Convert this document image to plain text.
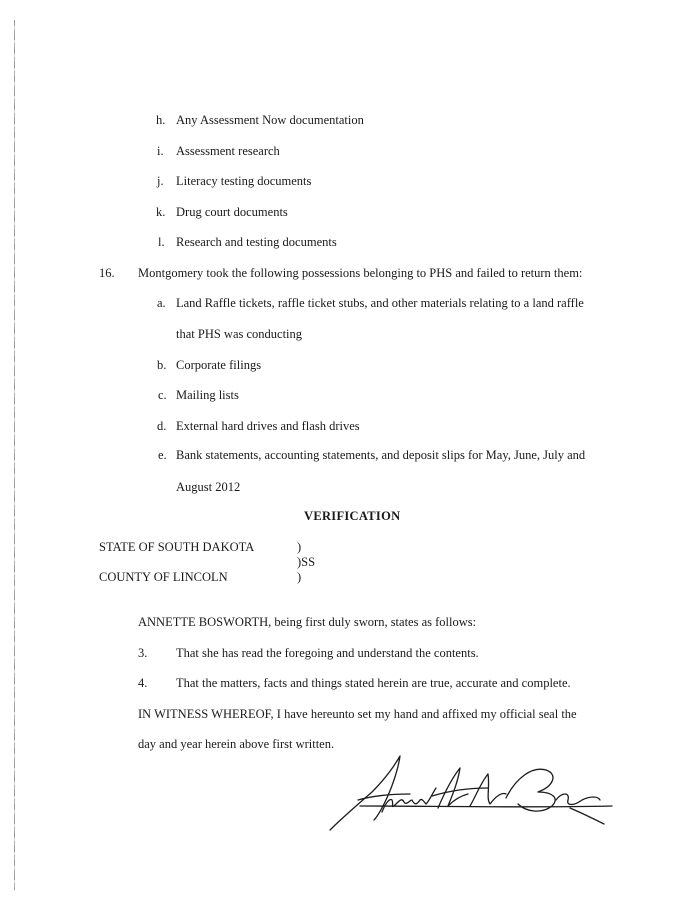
h. Any Assessment Now documentation
i. Assessment research
j. Literacy testing documents
k. Drug court documents
l. Research and testing documents
16. Montgomery took the following possessions belonging to PHS and failed to return them:
a. Land Raffle tickets, raffle ticket stubs, and other materials relating to a land raffle
that PHS was conducting
b. Corporate filings
c. Mailing lists
d. External hard drives and flash drives
e. Bank statements, accounting statements, and deposit slips for May, June, July and
August 2012
VERIFICATION
STATE OF SOUTH DAKOTA	)
)SS
COUNTY OF LINCOLN	)
ANNETTE BOSWORTH, being first duly sworn, states as follows:
3. That she has read the foregoing and understand the contents.
4. That the matters, facts and things stated herein are true, accurate and complete.
IN WITNESS WHEREOF, I have hereunto set my hand and affixed my official seal the
day and year herein above first written.
